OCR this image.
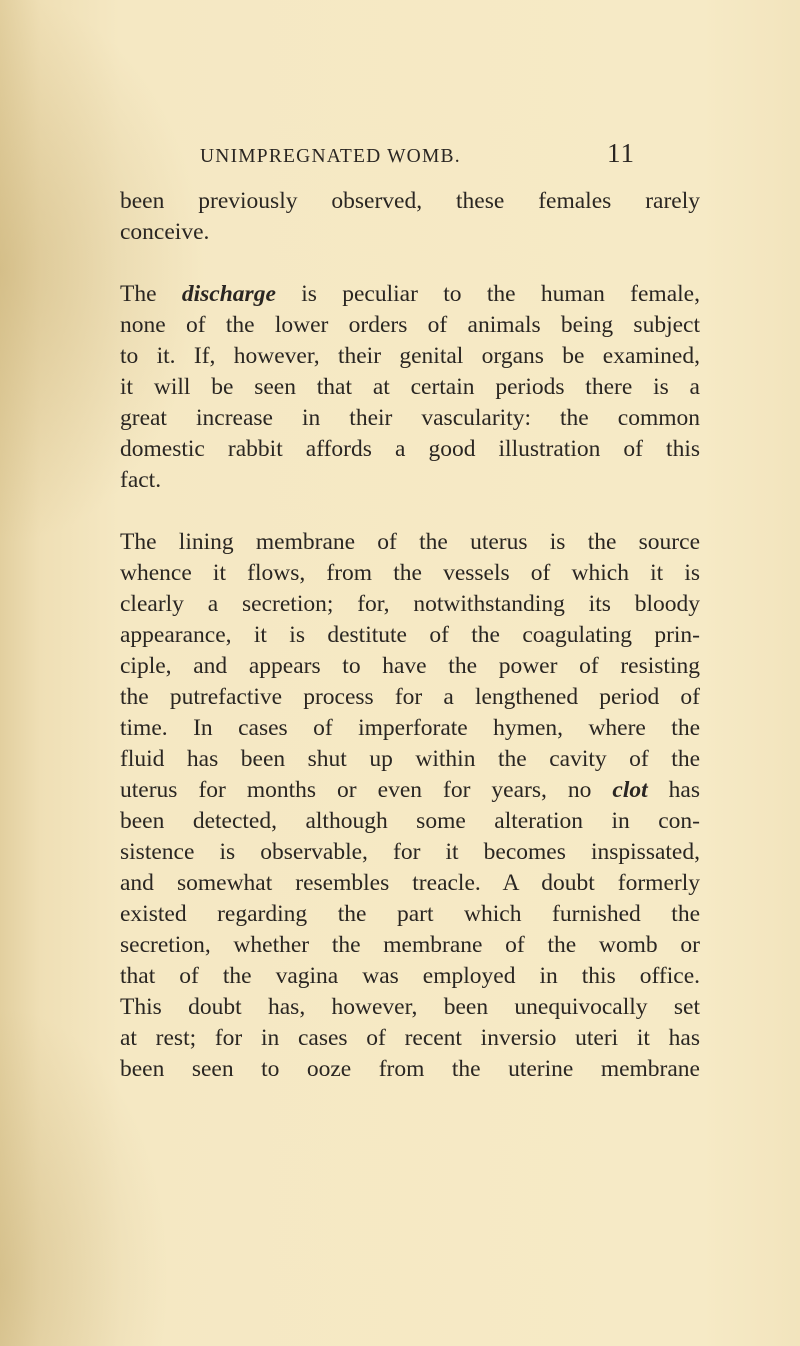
UNIMPREGNATED WOMB.	11
been previously observed, these females rarely
conceive.
The discharge is peculiar to the human female,
none of the lower orders of animals being subject
to it. If, however, their genital organs be examined,
it will be seen that at certain periods there is a
great increase in their vascularity: the common
domestic rabbit affords a good illustration of this
fact.
The lining membrane of the uterus is the source
whence it flows, from the vessels of which it is
clearly a secretion; for, notwithstanding its bloody
appearance, it is destitute of the coagulating prin-
ciple, and appears to have the power of resisting
the putrefactive process for a lengthened period of
time. In cases of imperforate hymen, where the
fluid has been shut up within the cavity of the
uterus for months or even for years, no clot has
been detected, although some alteration in con-
sistence is observable, for it becomes inspissated,
and somewhat resembles treacle. A doubt formerly
existed regarding the part which furnished the
secretion, whether the membrane of the womb or
that of the vagina was employed in this office.
This doubt has, however, been unequivocally set
at rest; for in cases of recent inversio uteri it has
been seen to ooze from the uterine membrane
